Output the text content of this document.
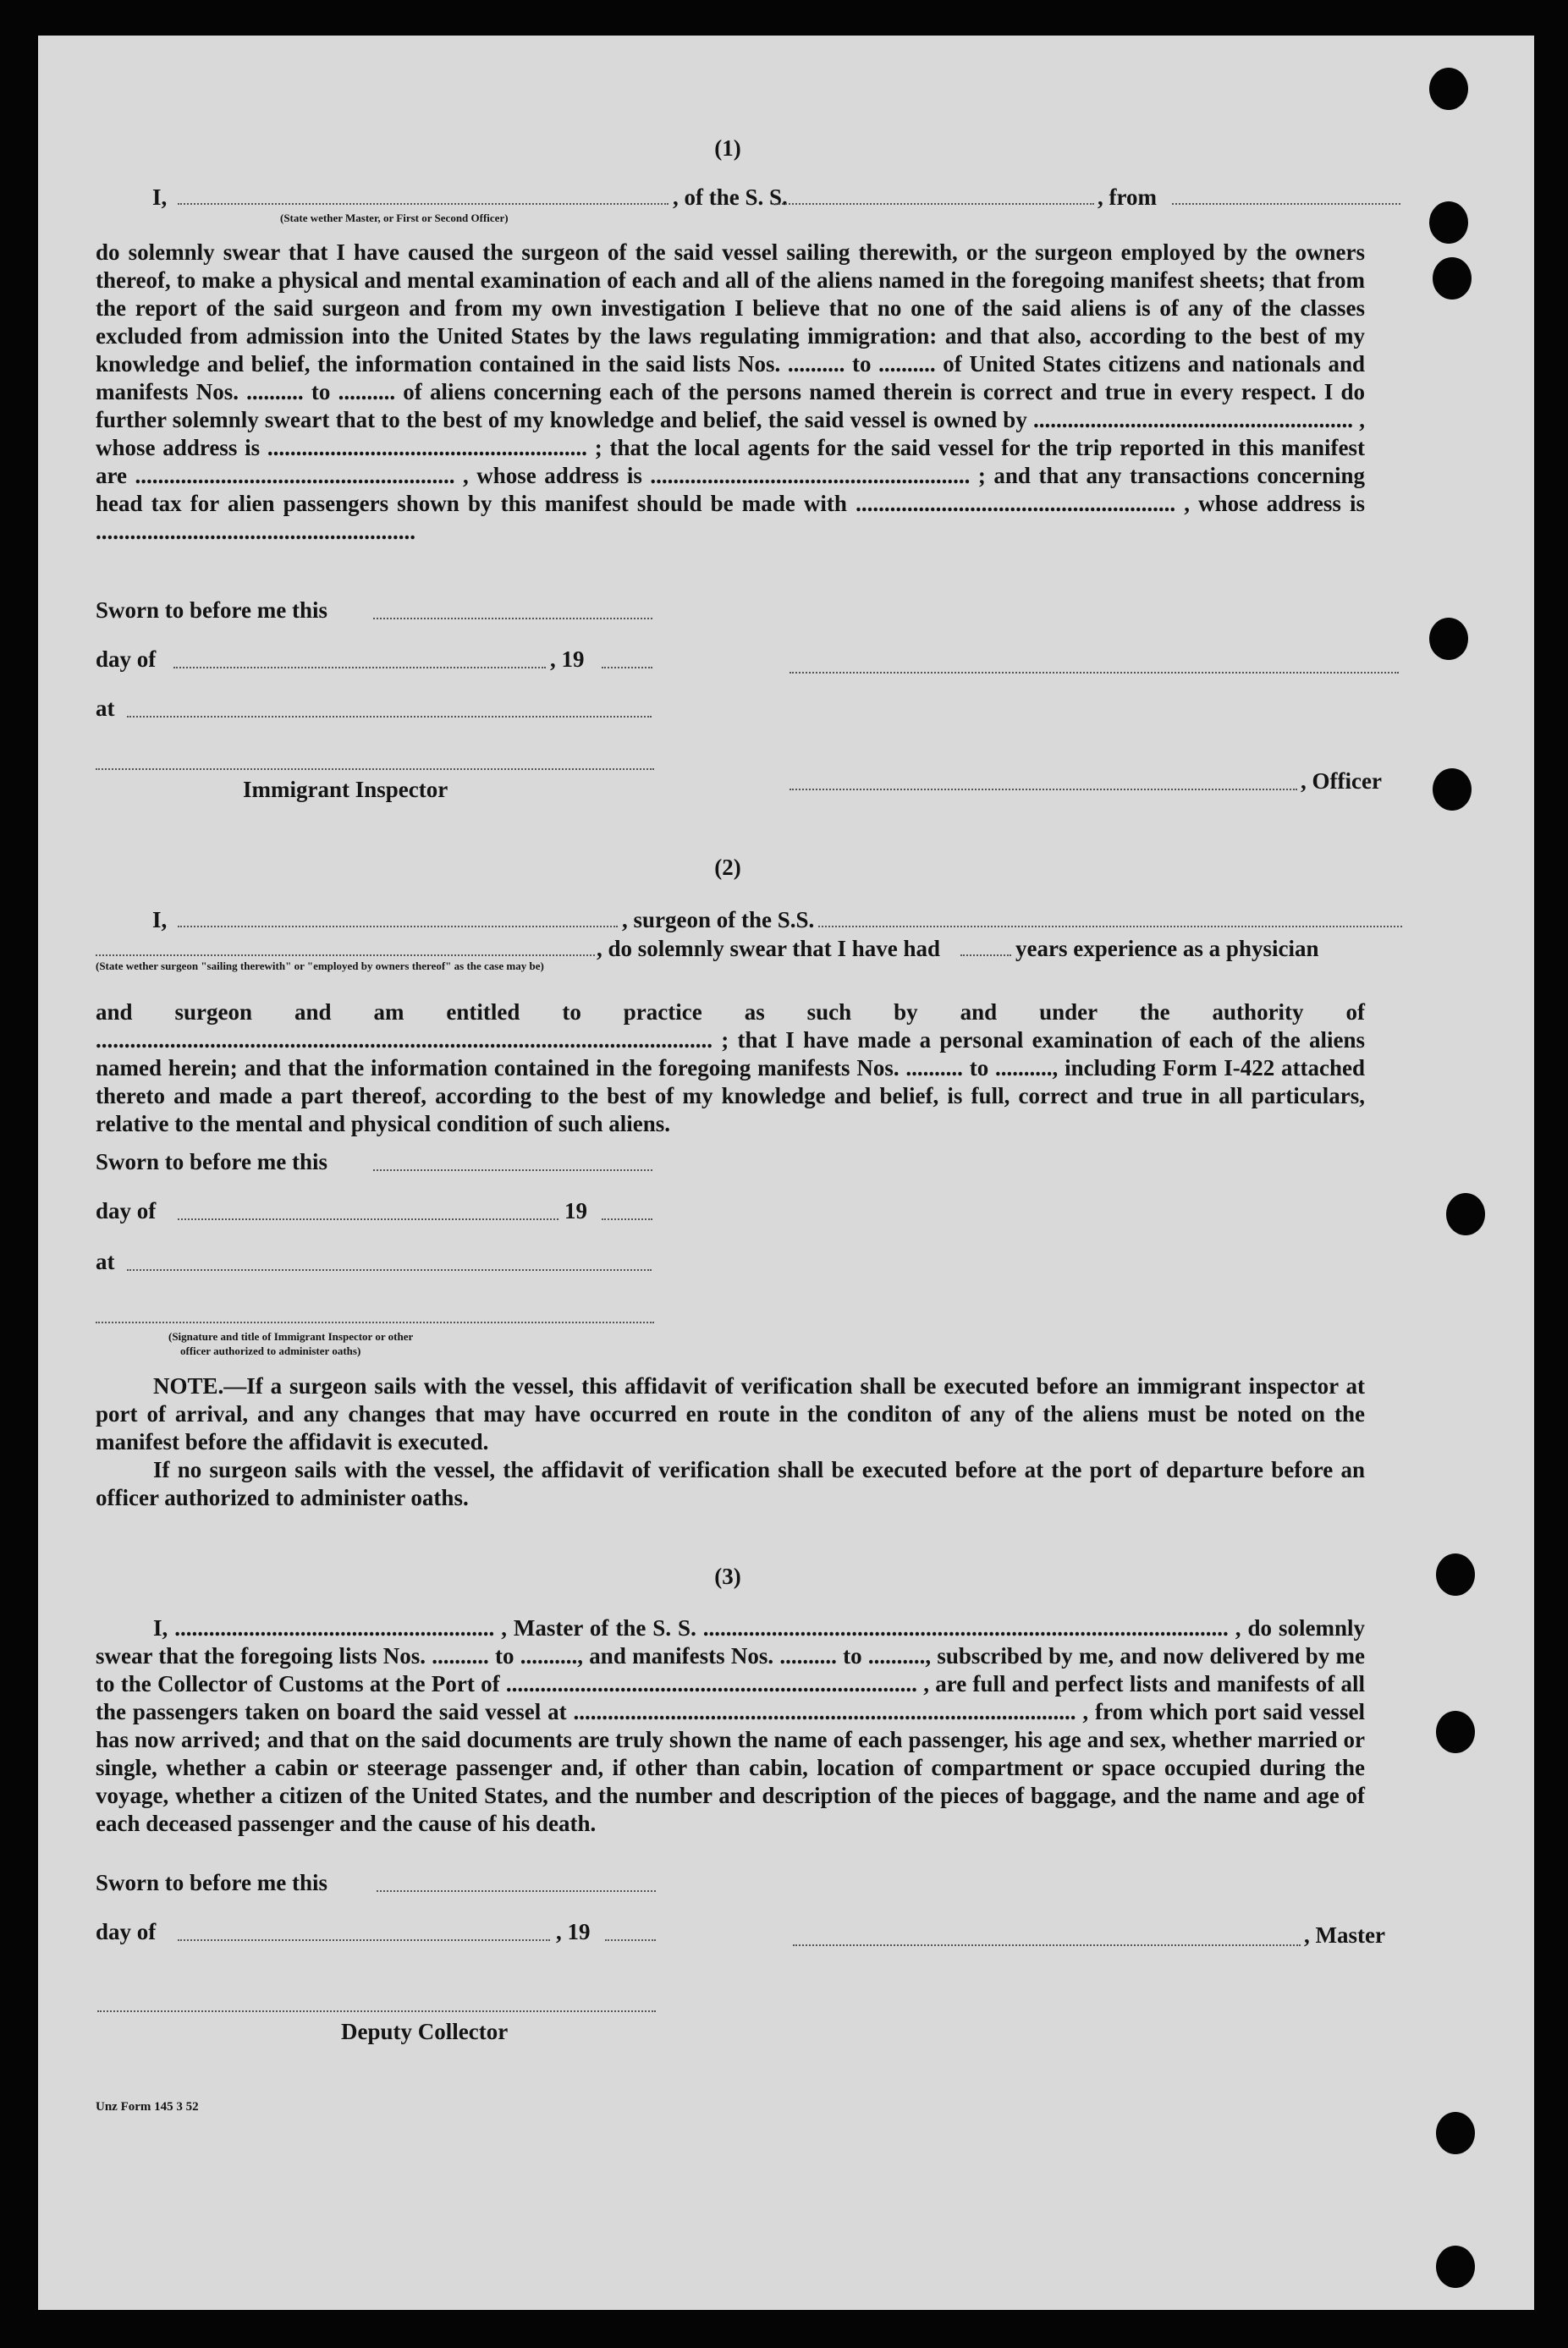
(1)
I,	, of the S. S.	, from
(State wether Master, or First or Second Officer)

do solemnly swear that I have caused the surgeon of the said vessel sailing therewith, or the surgeon employed by the owners thereof, to make a physical and mental examination of each and all of the aliens named in the foregoing manifest sheets; that from the report of the said surgeon and from my own investigation I believe that no one of the said aliens is of any of the classes excluded from admission into the United States by the laws regulating immigration: and that also, according to the best of my knowledge and belief, the information contained in the said lists Nos. .......... to .......... of United States citizens and nationals and manifests Nos. .......... to .......... of aliens concerning each of the persons named therein is correct and true in every respect. I do further solemnly sweart that to the best of my knowledge and belief, the said vessel is owned by ........................................................ , whose address is ........................................................ ; that the local agents for the said vessel for the trip reported in this manifest are ........................................................ , whose address is ........................................................ ; and that any transactions concerning head tax for alien passengers shown by this manifest should be made with ........................................................ , whose address is ........................................................

Sworn to before me this
day of	, 19
at
Immigrant Inspector	, Officer
(2)
I,	, surgeon of the S.S.
, do solemnly swear that I have had	years experience as a physician
(State wether surgeon "sailing therewith" or "employed by owners thereof" as the case may be)

and surgeon and am entitled to practice as such by and under the authority of ............................................................................................................ ; that I have made a personal examination of each of the aliens named herein; and that the information contained in the foregoing manifests Nos. .......... to .........., including Form I-422 attached thereto and made a part thereof, according to the best of my knowledge and belief, is full, correct and true in all particulars, relative to the mental and physical condition of such aliens.

Sworn to before me this
day of	19
at
(Signature and title of Immigrant Inspector or other
officer authorized to administer oaths)

NOTE.—If a surgeon sails with the vessel, this affidavit of verification shall be executed before an immigrant inspector at port of arrival, and any changes that may have occurred en route in the conditon of any of the aliens must be noted on the manifest before the affidavit is executed.

If no surgeon sails with the vessel, the affidavit of verification shall be executed before at the port of departure before an officer authorized to administer oaths.

(3)

I, ........................................................ , Master of the S. S. ............................................................................................ , do solemnly swear that the foregoing lists Nos. .......... to .........., and manifests Nos. .......... to .........., subscribed by me, and now delivered by me to the Collector of Customs at the Port of ........................................................................ , are full and perfect lists and manifests of all the passengers taken on board the said vessel at ........................................................................................ , from which port said vessel has now arrived; and that on the said documents are truly shown the name of each passenger, his age and sex, whether married or single, whether a cabin or steerage passenger and, if other than cabin, location of compartment or space occupied during the voyage, whether a citizen of the United States, and the number and description of the pieces of baggage, and the name and age of each deceased passenger and the cause of his death.

Sworn to before me this
day of	, 19	, Master
Deputy Collector
Unz Form 145 3 52
